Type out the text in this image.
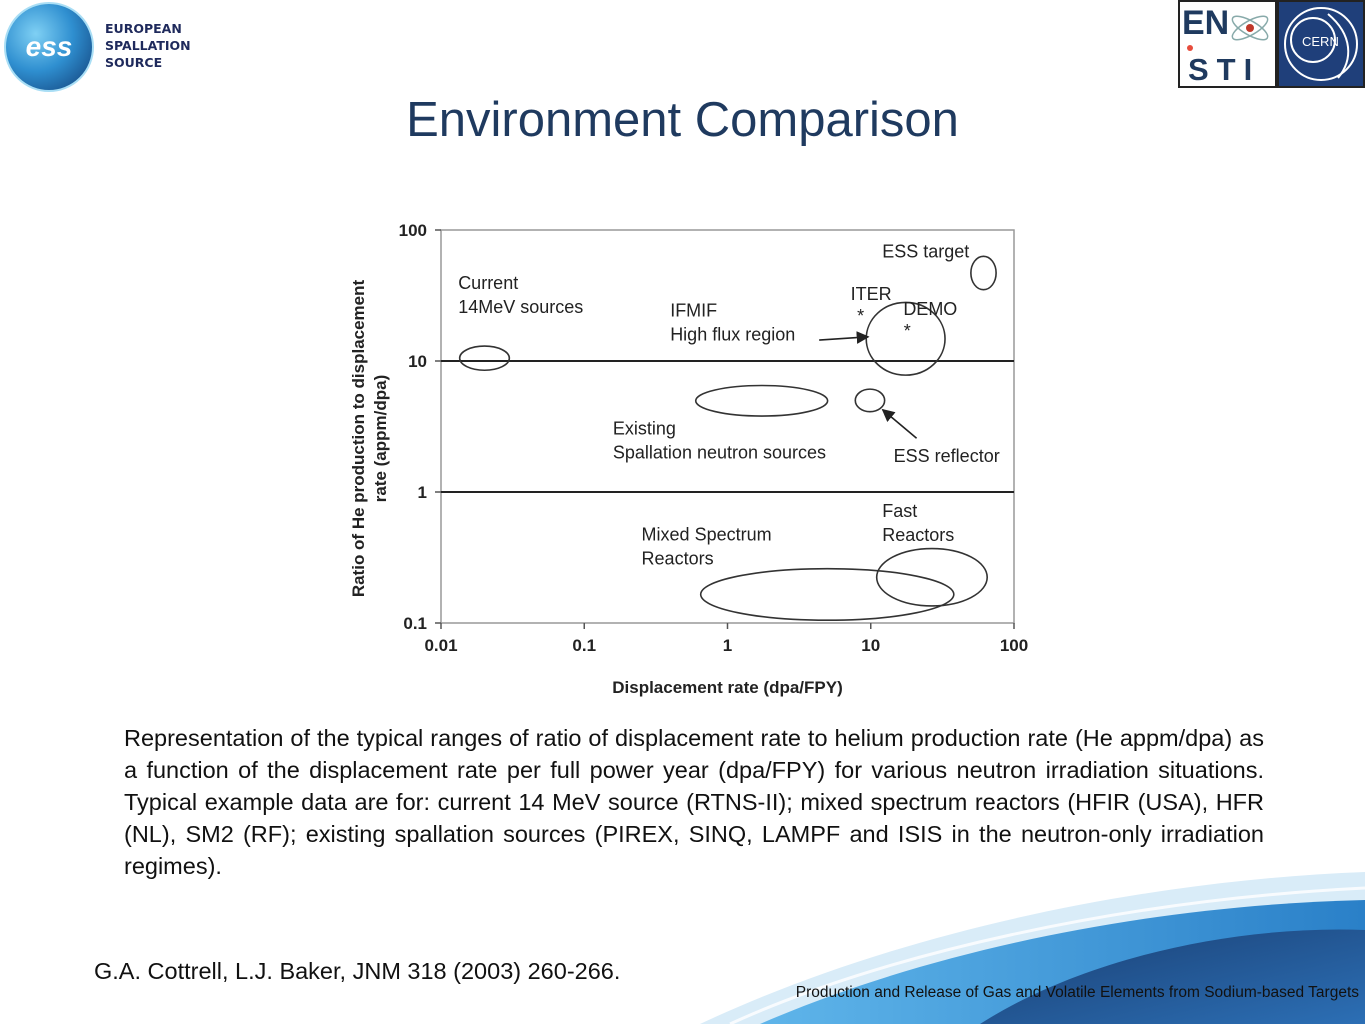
ess
EUROPEAN
SPALLATION
SOURCE
EN
STI
CERN
Environment Comparison
0.01	0.1	1	10	100
0.1
1
10
100
Displacement rate (dpa/FPY)
Ratio of He production to displacement rate (appm/dpa)
Current 14MeV sources
ESS target
IFMIF High flux region
Existing Spallation neutron sources	ESS reflector
Mixed Spectrum Reactors
Fast Reactors
*
ITER
*
DEMO
Representation of the typical ranges of ratio of displacement rate to helium production rate (He appm/dpa) as a function of the displacement rate per full power year (dpa/FPY) for various neutron irradiation situations. Typical example data are for: current 14 MeV source (RTNS-II); mixed spectrum reactors (HFIR (USA), HFR (NL), SM2 (RF); existing spallation sources (PIREX, SINQ, LAMPF and ISIS in the neutron-only irradiation regimes).
G.A. Cottrell, L.J. Baker, JNM 318 (2003) 260-266.
Production and Release of Gas and Volatile Elements from Sodium-based Targets
